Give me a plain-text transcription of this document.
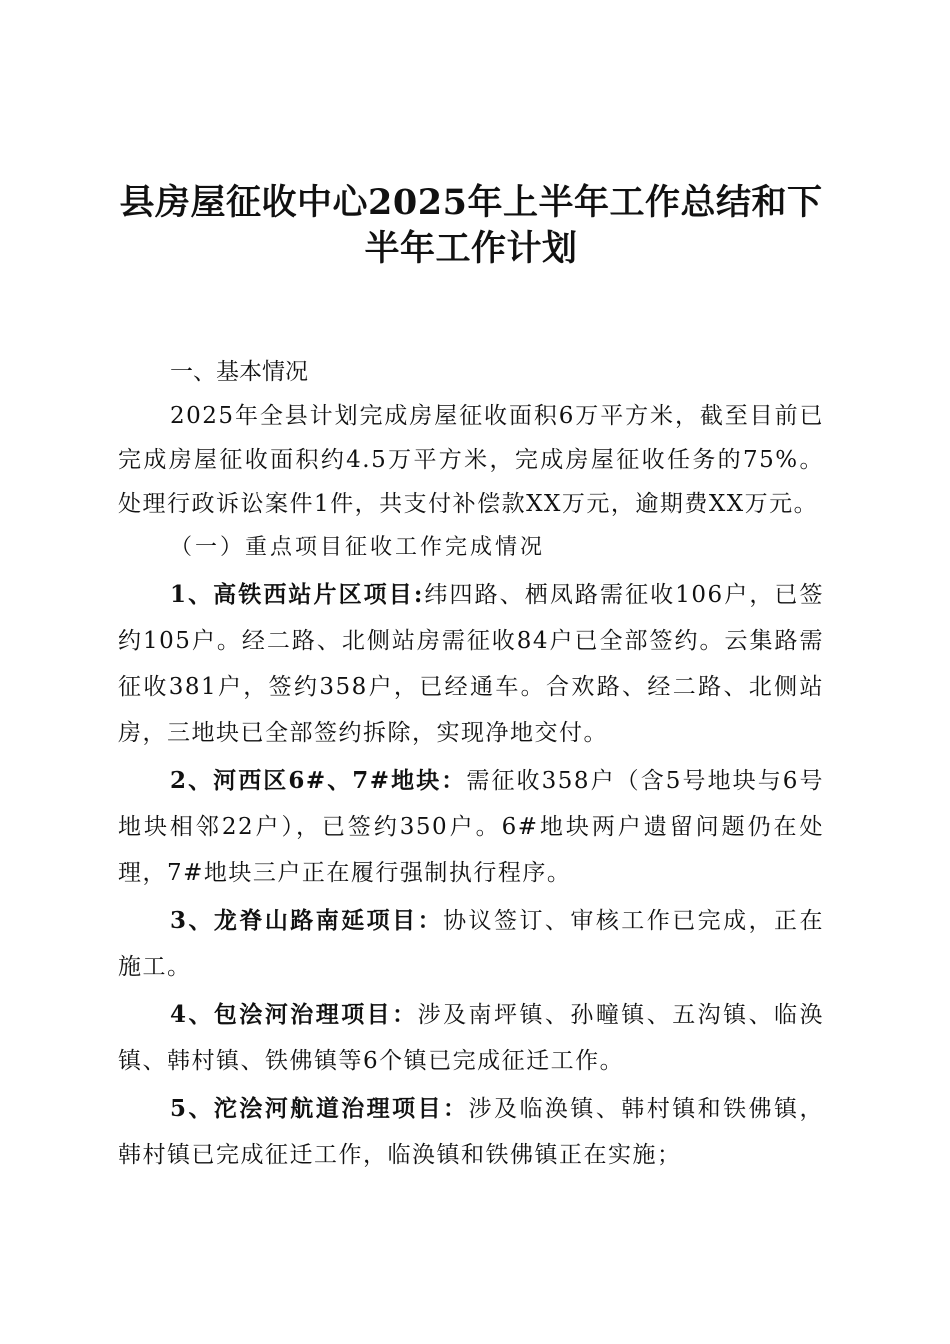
县房屋征收中心2025年上半年工作总结和下半年工作计划

一、基本情况

2025年全县计划完成房屋征收面积6万平方米，截至目前已完成房屋征收面积约4.5万平方米，完成房屋征收任务的75%。处理行政诉讼案件1件，共支付补偿款XX万元，逾期费XX万元。

（一）重点项目征收工作完成情况

1、高铁西站片区项目:纬四路、栖凤路需征收106户，已签约105户。经二路、北侧站房需征收84户已全部签约。云集路需征收381户，签约358户，已经通车。合欢路、经二路、北侧站房，三地块已全部签约拆除，实现净地交付。

2、河西区6#、7#地块：需征收358户（含5号地块与6号地块相邻22户），已签约350户。6#地块两户遗留问题仍在处理，7#地块三户正在履行强制执行程序。

3、龙脊山路南延项目：协议签订、审核工作已完成，正在施工。

4、包浍河治理项目：涉及南坪镇、孙疃镇、五沟镇、临涣镇、韩村镇、铁佛镇等6个镇已完成征迁工作。

5、沱浍河航道治理项目：涉及临涣镇、韩村镇和铁佛镇，韩村镇已完成征迁工作，临涣镇和铁佛镇正在实施；
